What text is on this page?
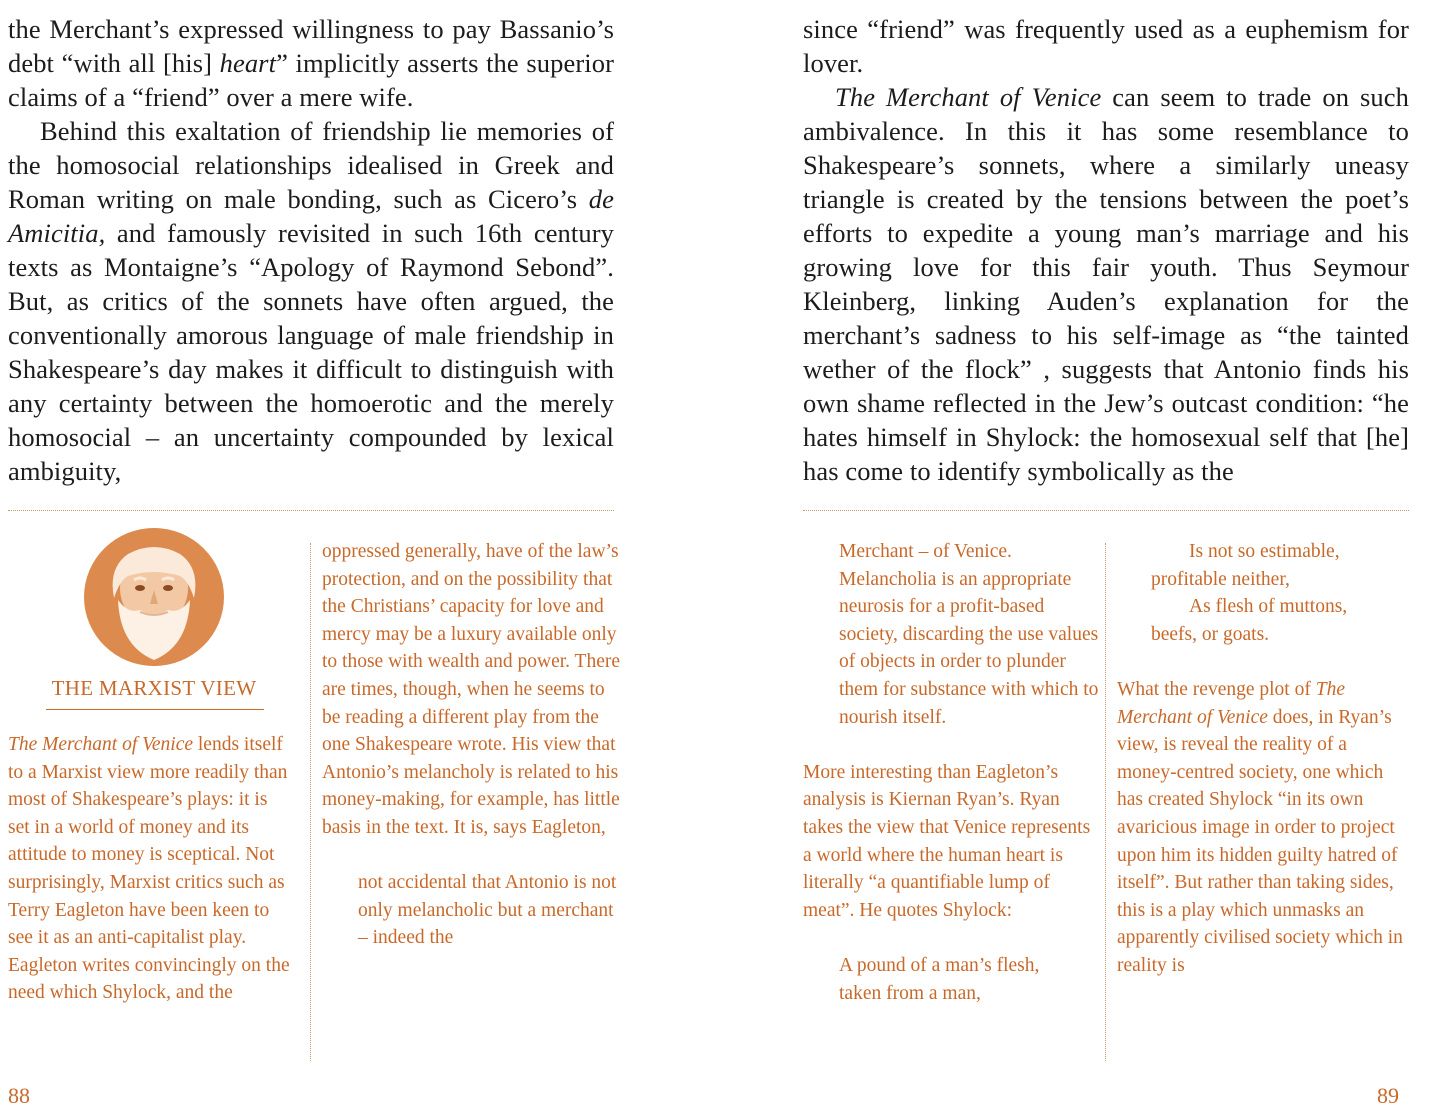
the Merchant’s expressed willingness to pay Bassanio’s debt “with all [his] heart” implicitly asserts the superior claims of a “friend” over a mere wife.

Behind this exaltation of friendship lie memories of the homosocial relationships idealised in Greek and Roman writing on male bonding, such as Cicero’s de Amicitia, and famously revisited in such 16th century texts as Montaigne’s “Apology of Raymond Sebond”. But, as critics of the sonnets have often argued, the conventionally amorous language of male friendship in Shakespeare’s day makes it difficult to distinguish with any certainty between the homoerotic and the merely homosocial – an uncertainty compounded by lexical ambiguity,

THE MARXIST VIEW

The Merchant of Venice lends itself to a Marxist view more readily than most of Shakespeare’s plays: it is set in a world of money and its attitude to money is sceptical. Not surprisingly, Marxist critics such as Terry Eagleton have been keen to see it as an anti-capitalist play. Eagleton writes convincingly on the need which Shylock, and the

oppressed generally, have of the law’s protection, and on the possibility that the Christians’ capacity for love and mercy may be a luxury available only to those with wealth and power. There are times, though, when he seems to be reading a different play from the one Shakespeare wrote. His view that Antonio’s melancholy is related to his money-making, for example, has little basis in the text. It is, says Eagleton,

not accidental that Antonio is not only melancholic but a merchant – indeed the

88

since “friend” was frequently used as a euphemism for lover.

The Merchant of Venice can seem to trade on such ambivalence. In this it has some resemblance to Shakespeare’s sonnets, where a similarly uneasy triangle is created by the tensions between the poet’s efforts to expedite a young man’s marriage and his growing love for this fair youth. Thus Seymour Kleinberg, linking Auden’s explanation for the merchant’s sadness to his self-image as “the tainted wether of the flock” , suggests that Antonio finds his own shame reflected in the Jew’s outcast condition: “he hates himself in Shylock: the homosexual self that [he] has come to identify symbolically as the

Merchant – of Venice. Melancholia is an appropriate neurosis for a profit-based society, discarding the use values of objects in order to plunder them for substance with which to nourish itself.

More interesting than Eagleton’s analysis is Kiernan Ryan’s. Ryan takes the view that Venice represents a world where the human heart is literally “a quantifiable lump of meat”. He quotes Shylock:

A pound of a man’s flesh,

taken from a man,

Is not so estimable,

profitable neither,

As flesh of muttons,

beefs, or goats.

What the revenge plot of The Merchant of Venice does, in Ryan’s view, is reveal the reality of a money-centred society, one which has created Shylock “in its own avaricious image in order to project upon him its hidden guilty hatred of itself”. But rather than taking sides, this is a play which unmasks an apparently civilised society which in reality is

89
